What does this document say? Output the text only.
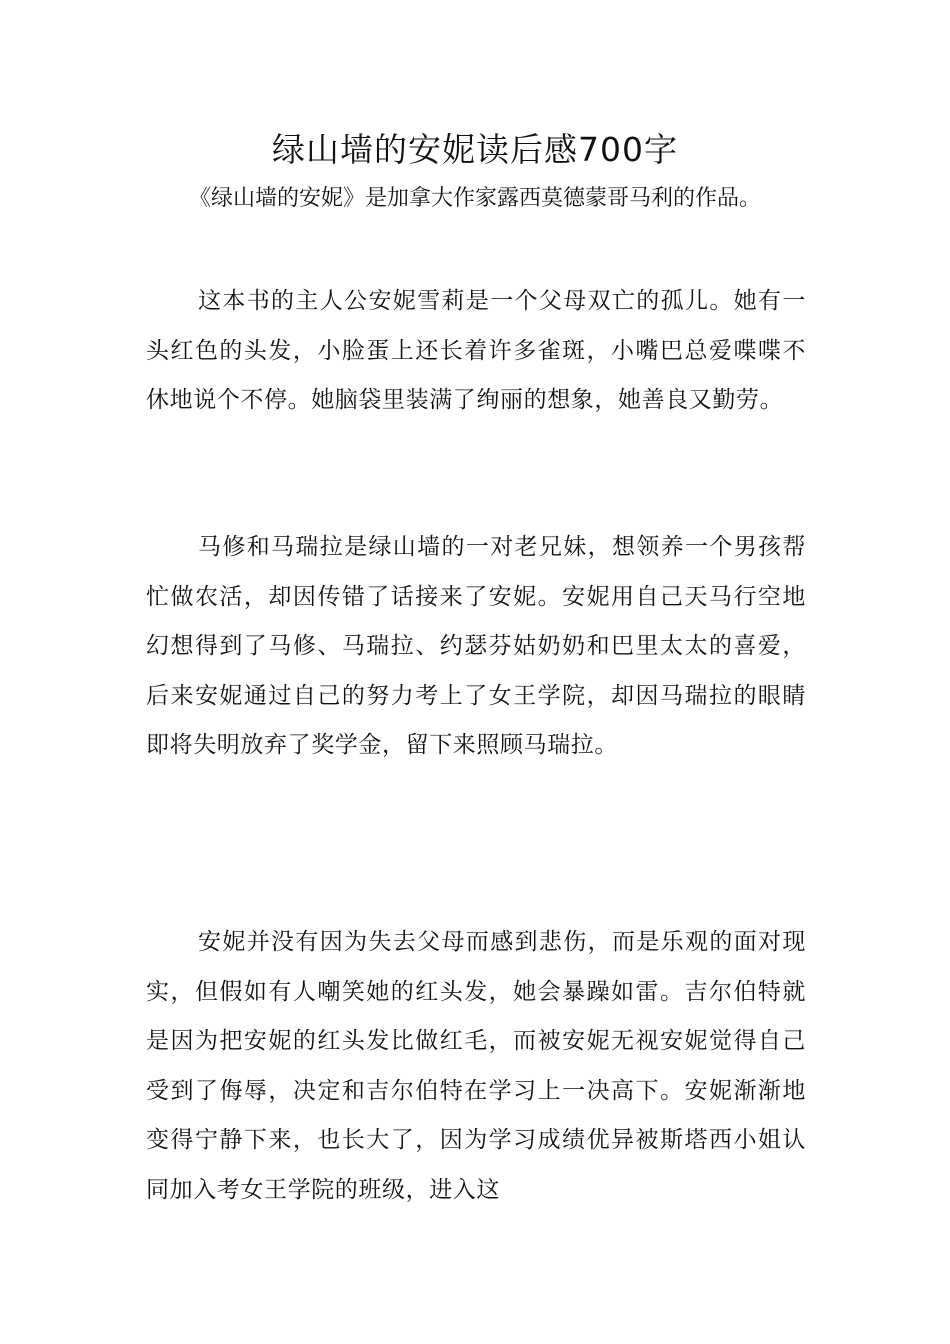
绿山墙的安妮读后感700字

《绿山墙的安妮》是加拿大作家露西莫德蒙哥马利的作品。

这本书的主人公安妮雪莉是一个父母双亡的孤儿。她有一头红色的头发，小脸蛋上还长着许多雀斑，小嘴巴总爱喋喋不休地说个不停。她脑袋里装满了绚丽的想象，她善良又勤劳。

马修和马瑞拉是绿山墙的一对老兄妹，想领养一个男孩帮忙做农活，却因传错了话接来了安妮。安妮用自己天马行空地幻想得到了马修、马瑞拉、约瑟芬姑奶奶和巴里太太的喜爱，后来安妮通过自己的努力考上了女王学院，却因马瑞拉的眼睛即将失明放弃了奖学金，留下来照顾马瑞拉。

安妮并没有因为失去父母而感到悲伤，而是乐观的面对现实，但假如有人嘲笑她的红头发，她会暴躁如雷。吉尔伯特就是因为把安妮的红头发比做红毛，而被安妮无视安妮觉得自己受到了侮辱，决定和吉尔伯特在学习上一决高下。安妮渐渐地变得宁静下来，也长大了，因为学习成绩优异被斯塔西小姐认同加入考女王学院的班级，进入这
